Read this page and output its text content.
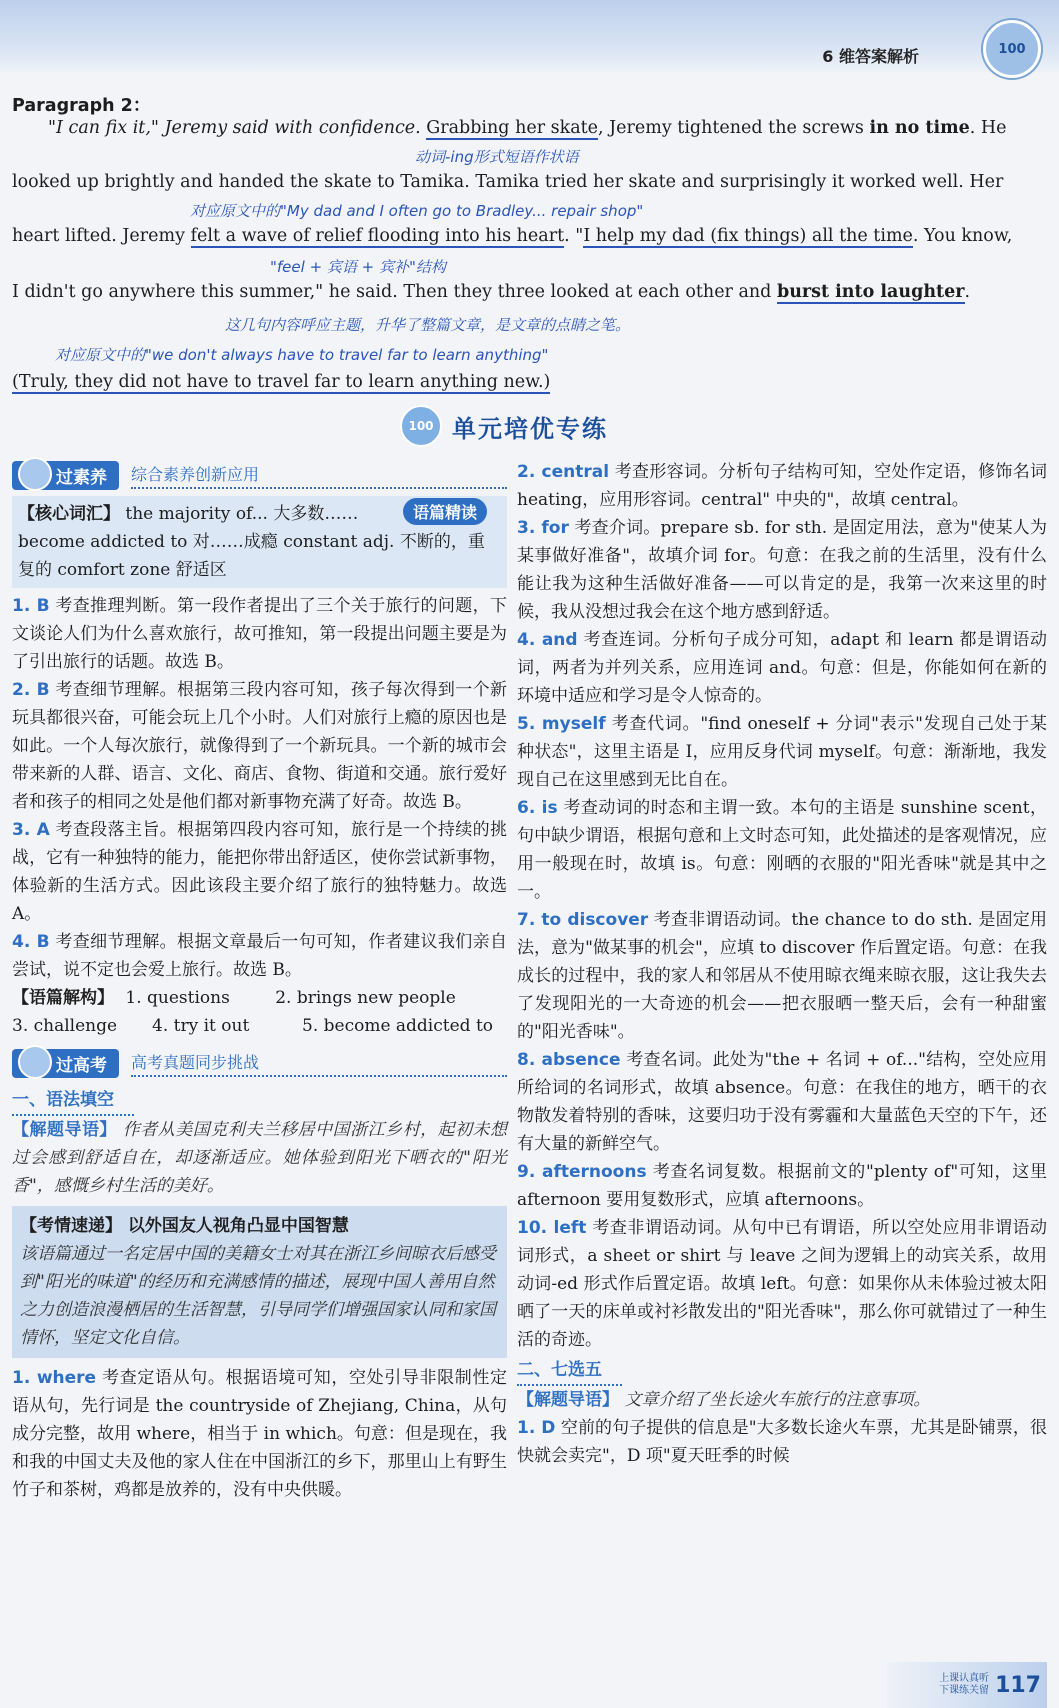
6 维答案解析	100
Paragraph 2：
"I can fix it," Jeremy said with confidence. Grabbing her skate, Jeremy tightened the screws in no time. He
动词-ing形式短语作状语
looked up brightly and handed the skate to Tamika. Tamika tried her skate and surprisingly it worked well. Her
对应原文中的"My dad and I often go to Bradley... repair shop"
heart lifted. Jeremy felt a wave of relief flooding into his heart. "I help my dad (fix things) all the time. You know,
"feel + 宾语 + 宾补"结构
I didn't go anywhere this summer," he said. Then they three looked at each other and burst into laughter.
这几句内容呼应主题，升华了整篇文章，是文章的点睛之笔。
对应原文中的"we don't always have to travel far to learn anything"
(Truly, they did not have to travel far to learn anything new.)
100 单元培优专练
过素养	综合素养创新应用
语篇精读
【核心词汇】 the majority of... 大多数…… become addicted to 对……成瘾 constant adj. 不断的，重复的 comfort zone 舒适区

1. B 考查推理判断。第一段作者提出了三个关于旅行的问题，下文谈论人们为什么喜欢旅行，故可推知，第一段提出问题主要是为了引出旅行的话题。故选 B。

2. B 考查细节理解。根据第三段内容可知，孩子每次得到一个新玩具都很兴奋，可能会玩上几个小时。人们对旅行上瘾的原因也是如此。一个人每次旅行，就像得到了一个新玩具。一个新的城市会带来新的人群、语言、文化、商店、食物、街道和交通。旅行爱好者和孩子的相同之处是他们都对新事物充满了好奇。故选 B。

3. A 考查段落主旨。根据第四段内容可知，旅行是一个持续的挑战，它有一种独特的能力，能把你带出舒适区，使你尝试新事物，体验新的生活方式。因此该段主要介绍了旅行的独特魅力。故选 A。

4. B 考查细节理解。根据文章最后一句可知，作者建议我们亲自尝试，说不定也会爱上旅行。故选 B。

【语篇解构】 1. questions	2. brings new people
3. challenge	4. try it out	5. become addicted to
过高考	高考真题同步挑战
一、语法填空

【解题导语】 作者从美国克利夫兰移居中国浙江乡村，起初未想过会感到舒适自在，却逐渐适应。她体验到阳光下晒衣的"阳光香"，感慨乡村生活的美好。

【考情速递】 以外国友人视角凸显中国智慧
该语篇通过一名定居中国的美籍女士对其在浙江乡间晾衣后感受到"阳光的味道"的经历和充满感情的描述，展现中国人善用自然之力创造浪漫栖居的生活智慧，引导同学们增强国家认同和家国情怀，坚定文化自信。

1. where 考查定语从句。根据语境可知，空处引导非限制性定语从句，先行词是 the countryside of Zhejiang, China，从句成分完整，故用 where，相当于 in which。句意：但是现在，我和我的中国丈夫及他的家人住在中国浙江的乡下，那里山上有野生竹子和茶树，鸡都是放养的，没有中央供暖。

2. central 考查形容词。分析句子结构可知，空处作定语，修饰名词 heating，应用形容词。central" 中央的"，故填 central。

3. for 考查介词。prepare sb. for sth. 是固定用法，意为"使某人为某事做好准备"，故填介词 for。句意：在我之前的生活里，没有什么能让我为这种生活做好准备——可以肯定的是，我第一次来这里的时候，我从没想过我会在这个地方感到舒适。

4. and 考查连词。分析句子成分可知，adapt 和 learn 都是谓语动词，两者为并列关系，应用连词 and。句意：但是，你能如何在新的环境中适应和学习是令人惊奇的。

5. myself 考查代词。"find oneself + 分词"表示"发现自己处于某种状态"，这里主语是 I，应用反身代词 myself。句意：渐渐地，我发现自己在这里感到无比自在。

6. is 考查动词的时态和主谓一致。本句的主语是 sunshine scent，句中缺少谓语，根据句意和上文时态可知，此处描述的是客观情况，应用一般现在时，故填 is。句意：刚晒的衣服的"阳光香味"就是其中之一。

7. to discover 考查非谓语动词。the chance to do sth. 是固定用法，意为"做某事的机会"，应填 to discover 作后置定语。句意：在我成长的过程中，我的家人和邻居从不使用晾衣绳来晾衣服，这让我失去了发现阳光的一大奇迹的机会——把衣服晒一整天后，会有一种甜蜜的"阳光香味"。

8. absence 考查名词。此处为"the + 名词 + of..."结构，空处应用所给词的名词形式，故填 absence。句意：在我住的地方，晒干的衣物散发着特别的香味，这要归功于没有雾霾和大量蓝色天空的下午，还有大量的新鲜空气。

9. afternoons 考查名词复数。根据前文的"plenty of"可知，这里 afternoon 要用复数形式，应填 afternoons。

10. left 考查非谓语动词。从句中已有谓语，所以空处应用非谓语动词形式，a sheet or shirt 与 leave 之间为逻辑上的动宾关系，故用动词-ed 形式作后置定语。故填 left。句意：如果你从未体验过被太阳晒了一天的床单或衬衫散发出的"阳光香味"，那么你可就错过了一种生活的奇迹。

二、七选五

【解题导语】 文章介绍了坐长途火车旅行的注意事项。

1. D 空前的句子提供的信息是"大多数长途火车票，尤其是卧铺票，很快就会卖完"，D 项"夏天旺季的时候

上课认真听
下课练关留 117
